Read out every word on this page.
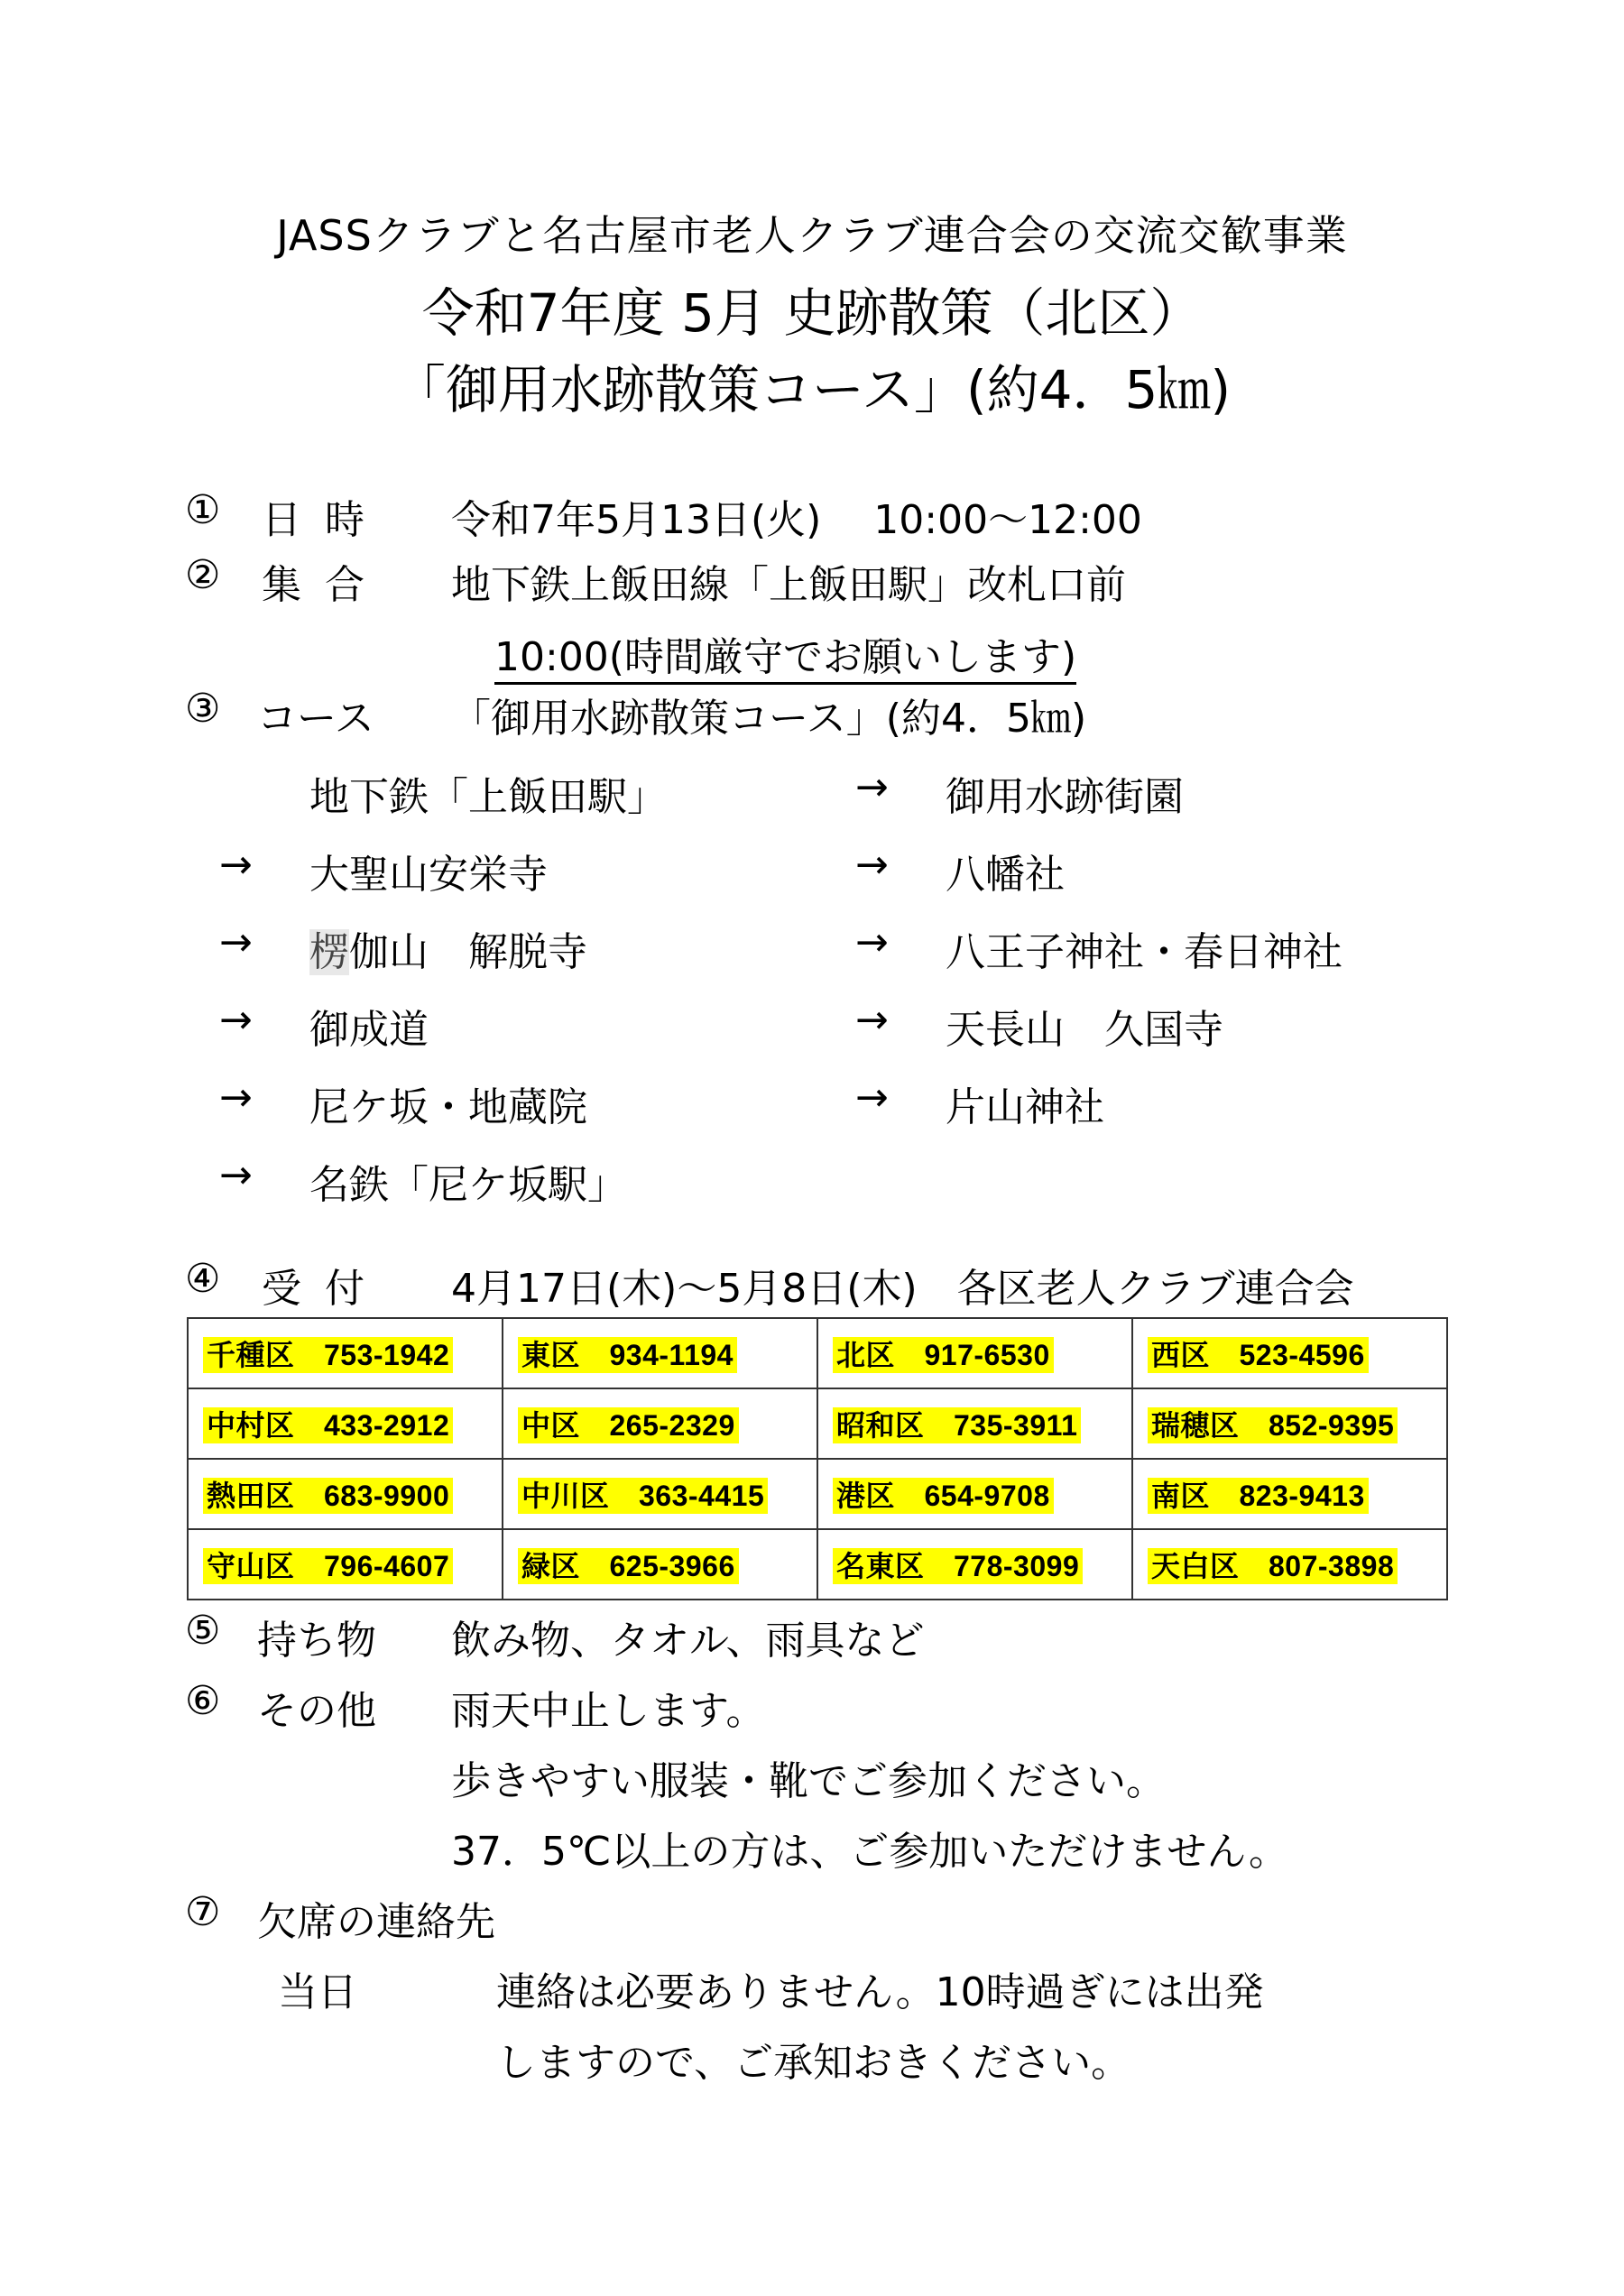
JASSクラブと名古屋市老人クラブ連合会の交流交歓事業
令和7年度 5月 史跡散策（北区）
「御用水跡散策コース」(約4．5㎞)
① 日 時 令和7年5月13日(火)　 10:00〜12:00
② 集 合 地下鉄上飯田線「上飯田駅」改札口前
10:00(時間厳守でお願いします)
③ コース 「御用水跡散策コース」(約4．5㎞)
地下鉄「上飯田駅」	→ 御用水跡街園
→ 大聖山安栄寺	→ 八幡社
→ 楞伽山　解脱寺	→ 八王子神社・春日神社
→ 御成道	→ 天長山　久国寺
→ 尼ケ坂・地蔵院	→ 片山神社
→ 名鉄「尼ケ坂駅」
④ 受 付 4月17日(木)〜5月8日(木)　各区老人クラブ連合会
千種区　753-1942	東区　934-1194	北区　917-6530	西区　523-4596
中村区　433-2912	中区　265-2329	昭和区　735-3911	瑞穂区　852-9395
熱田区　683-9900	中川区　363-4415	港区　654-9708	南区　823-9413
守山区　796-4607	緑区　625-3966	名東区　778-3099	天白区　807-3898
⑤ 持ち物 飲み物、タオル、雨具など
⑥ その他 雨天中止します。
歩きやすい服装・靴でご参加ください。
37．5℃以上の方は、ご参加いただけません。
⑦ 欠席の連絡先
当日	連絡は必要ありません。10時過ぎには出発
しますので、ご承知おきください。
